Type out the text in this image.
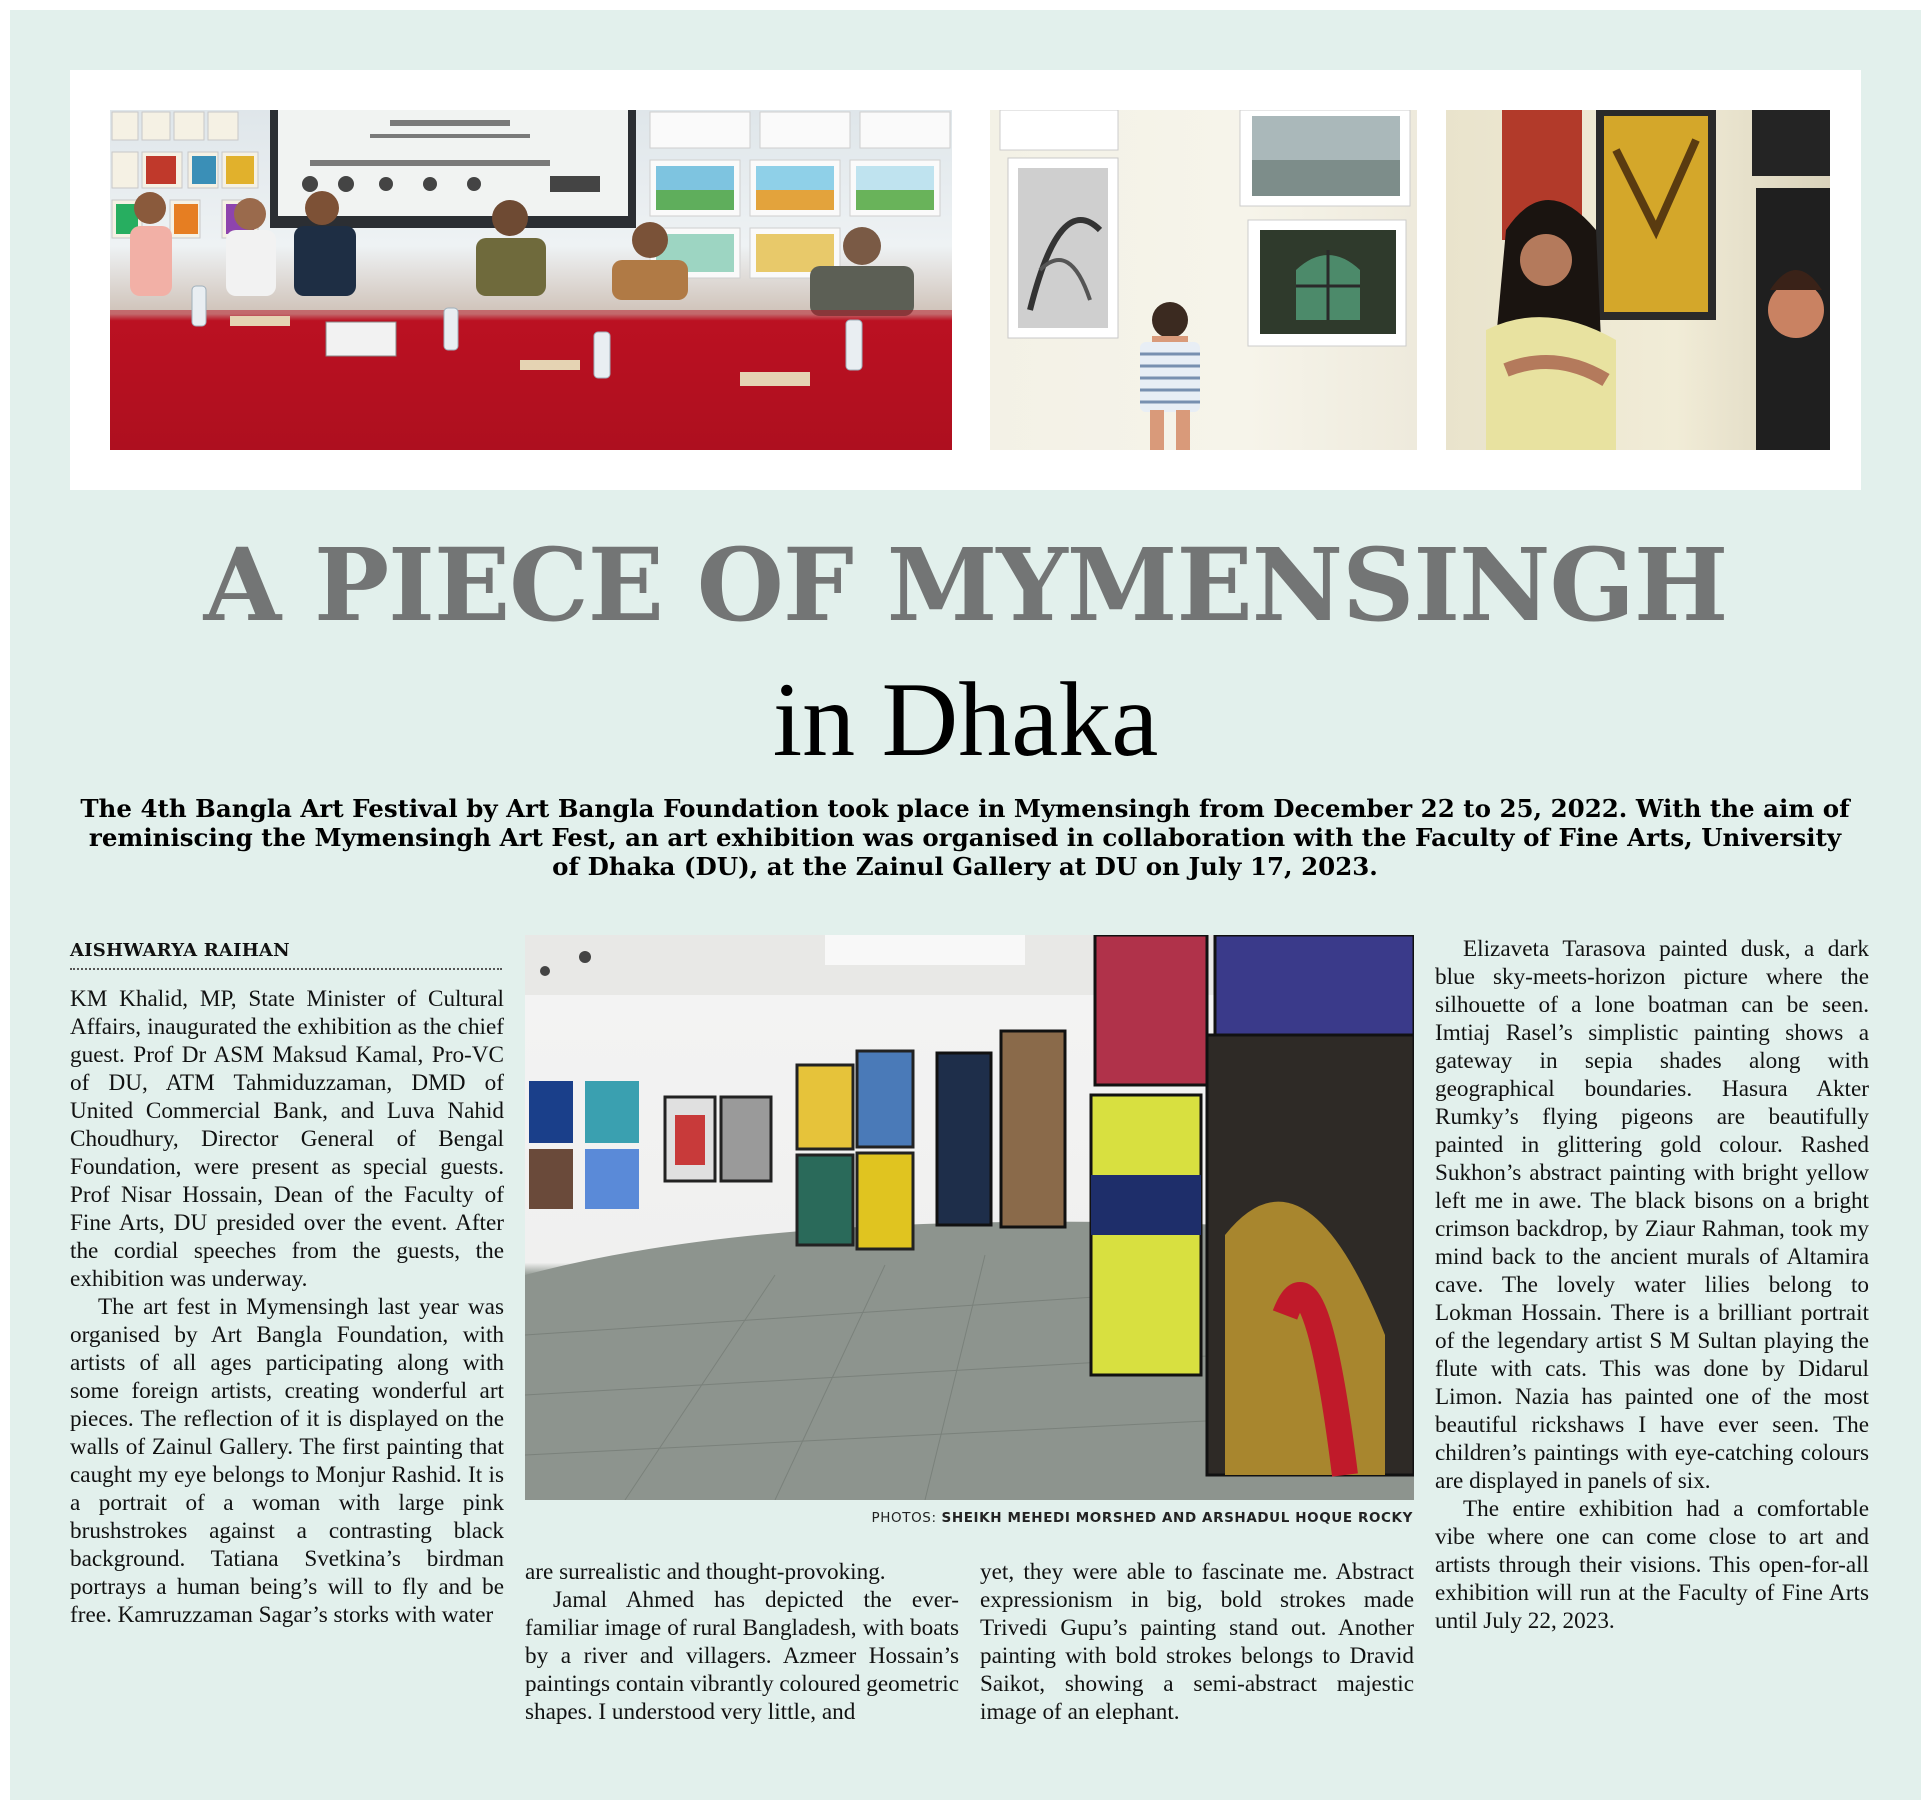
A PIECE OF MYMENSINGH
in Dhaka
The 4th Bangla Art Festival by Art Bangla Foundation took place in Mymensingh from December 22 to 25, 2022. With the aim of reminiscing the Mymensingh Art Fest, an art exhibition was organised in collaboration with the Faculty of Fine Arts, University of Dhaka (DU), at the Zainul Gallery at DU on July 17, 2023.
AISHWARYA RAIHAN

KM Khalid, MP, State Minister of Cultural Affairs, inaugurated the exhibition as the chief guest. Prof Dr ASM Maksud Kamal, Pro-VC of DU, ATM Tahmiduzzaman, DMD of United Commercial Bank, and Luva Nahid Choudhury, Director General of Bengal Foundation, were present as special guests. Prof Nisar Hossain, Dean of the Faculty of Fine Arts, DU presided over the event. After the cordial speeches from the guests, the exhibition was underway.

The art fest in Mymensingh last year was organised by Art Bangla Foundation, with artists of all ages participating along with some foreign artists, creating wonderful art pieces. The reflection of it is displayed on the walls of Zainul Gallery. The first painting that caught my eye belongs to Monjur Rashid. It is a portrait of a woman with large pink brushstrokes against a contrasting black background. Tatiana Svetkina’s birdman portrays a human being’s will to fly and be free. Kamruzzaman Sagar’s storks with water

PHOTOS: SHEIKH MEHEDI MORSHED AND ARSHADUL HOQUE ROCKY

are surrealistic and thought-provoking.

Jamal Ahmed has depicted the ever-familiar image of rural Bangladesh, with boats by a river and villagers. Azmeer Hossain’s paintings contain vibrantly coloured geometric shapes. I understood very little, and

yet, they were able to fascinate me. Abstract expressionism in big, bold strokes made Trivedi Gupu’s painting stand out. Another painting with bold strokes belongs to Dravid Saikot, showing a semi-abstract majestic image of an elephant.

Elizaveta Tarasova painted dusk, a dark blue sky-meets-horizon picture where the silhouette of a lone boatman can be seen. Imtiaj Rasel’s simplistic painting shows a gateway in sepia shades along with geographical boundaries. Hasura Akter Rumky’s flying pigeons are beautifully painted in glittering gold colour. Rashed Sukhon’s abstract painting with bright yellow left me in awe. The black bisons on a bright crimson backdrop, by Ziaur Rahman, took my mind back to the ancient murals of Altamira cave. The lovely water lilies belong to Lokman Hossain. There is a brilliant portrait of the legendary artist S M Sultan playing the flute with cats. This was done by Didarul Limon. Nazia has painted one of the most beautiful rickshaws I have ever seen. The children’s paintings with eye-catching colours are displayed in panels of six.

The entire exhibition had a comfortable vibe where one can come close to art and artists through their visions. This open-for-all exhibition will run at the Faculty of Fine Arts until July 22, 2023.
